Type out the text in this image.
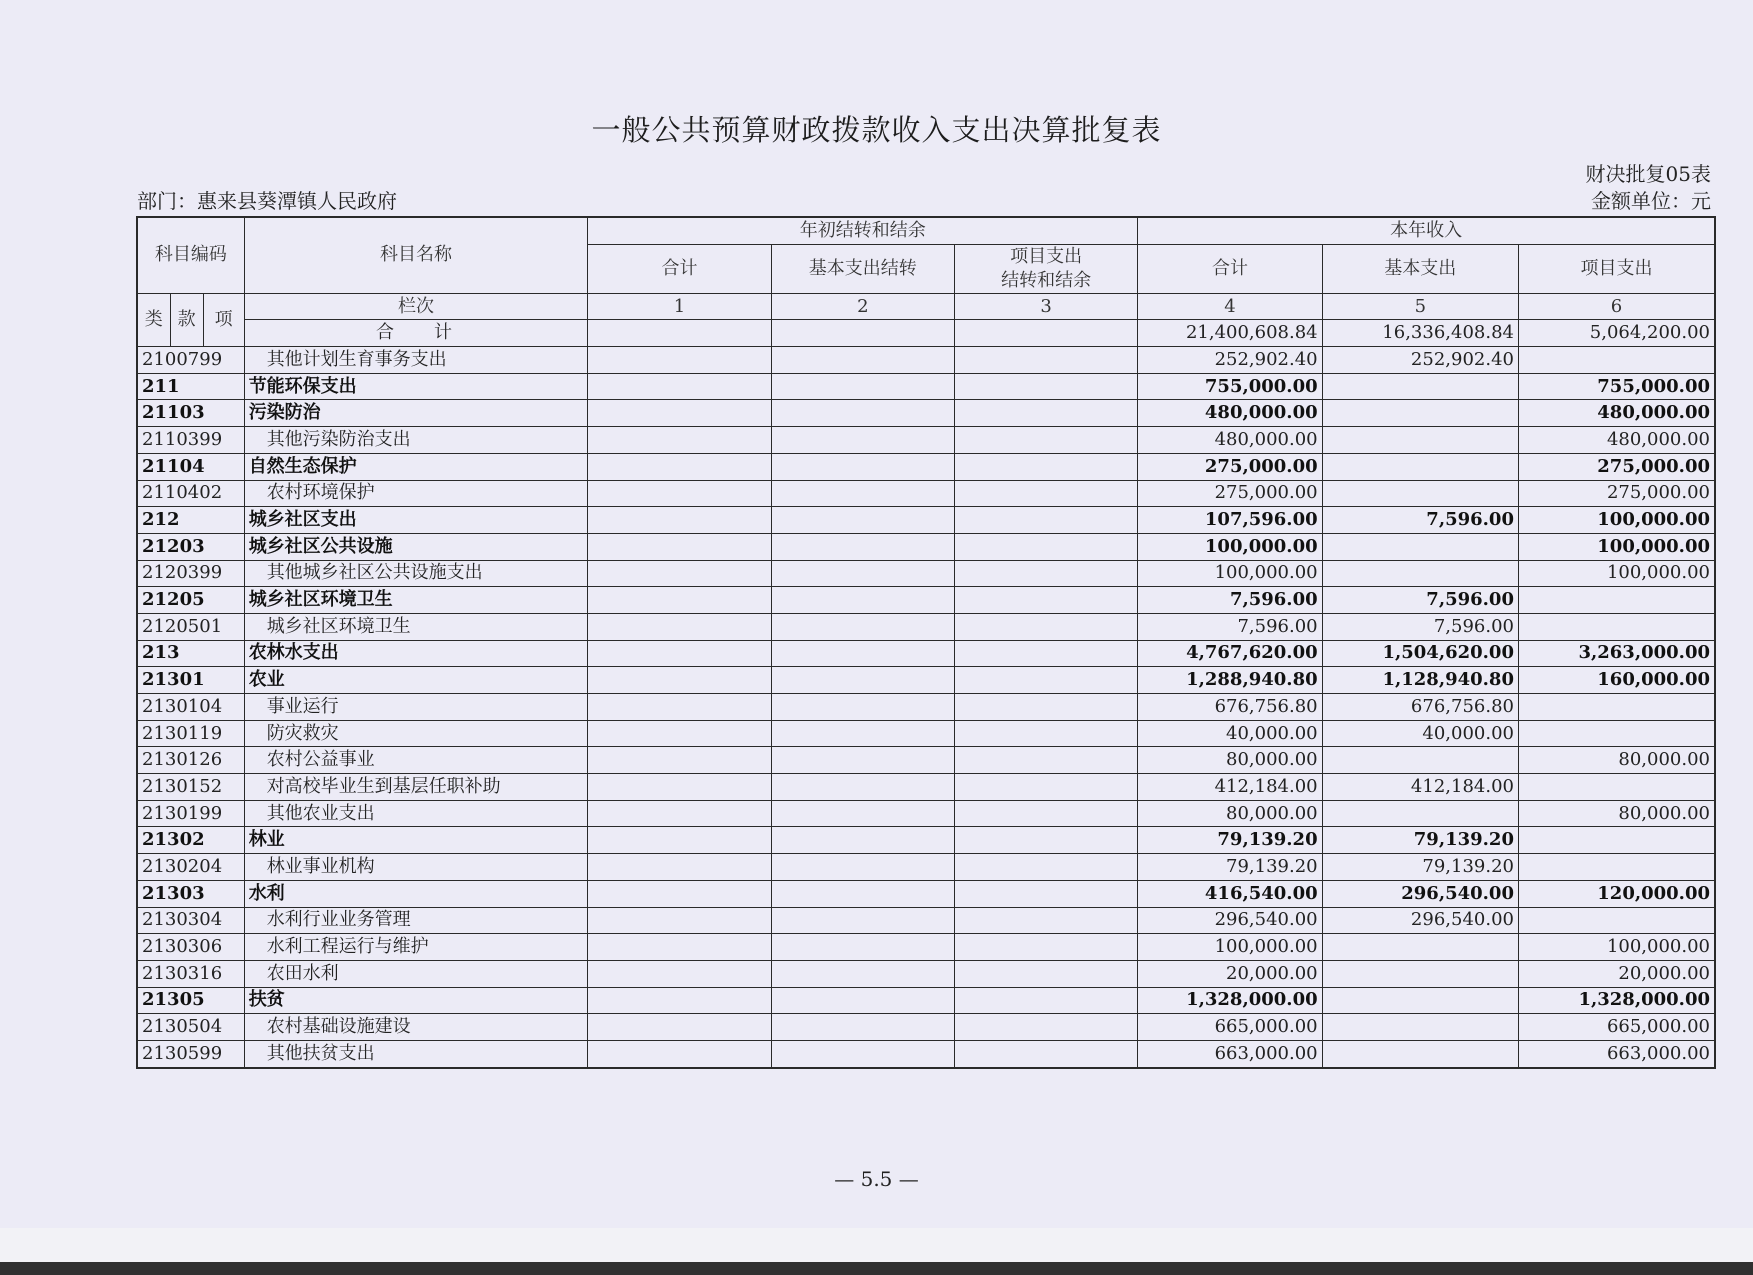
一般公共预算财政拨款收入支出决算批复表
财决批复05表
部门：惠来县葵潭镇人民政府	金额单位：元
科目编码			科目名称	年初结转和结余			本年收入		
				合计	基本支出结转	项目支出
结转和结余	合计	基本支出	项目支出
类	款	项	栏次	1	2	3	4	5	6
			合计				21,400,608.84	16,336,408.84	5,064,200.00
2100799			其他计划生育事务支出				252,902.40	252,902.40	
211			节能环保支出				755,000.00		755,000.00
21103			污染防治				480,000.00		480,000.00
2110399			其他污染防治支出				480,000.00		480,000.00
21104			自然生态保护				275,000.00		275,000.00
2110402			农村环境保护				275,000.00		275,000.00
212			城乡社区支出				107,596.00	7,596.00	100,000.00
21203			城乡社区公共设施				100,000.00		100,000.00
2120399			其他城乡社区公共设施支出				100,000.00		100,000.00
21205			城乡社区环境卫生				7,596.00	7,596.00	
2120501			城乡社区环境卫生				7,596.00	7,596.00	
213			农林水支出				4,767,620.00	1,504,620.00	3,263,000.00
21301			农业				1,288,940.80	1,128,940.80	160,000.00
2130104			事业运行				676,756.80	676,756.80	
2130119			防灾救灾				40,000.00	40,000.00	
2130126			农村公益事业				80,000.00		80,000.00
2130152			对高校毕业生到基层任职补助				412,184.00	412,184.00	
2130199			其他农业支出				80,000.00		80,000.00
21302			林业				79,139.20	79,139.20	
2130204			林业事业机构				79,139.20	79,139.20	
21303			水利				416,540.00	296,540.00	120,000.00
2130304			水利行业业务管理				296,540.00	296,540.00	
2130306			水利工程运行与维护				100,000.00		100,000.00
2130316			农田水利				20,000.00		20,000.00
21305			扶贫				1,328,000.00		1,328,000.00
2130504			农村基础设施建设				665,000.00		665,000.00
2130599			其他扶贫支出				663,000.00		663,000.00
— 5.5 —
